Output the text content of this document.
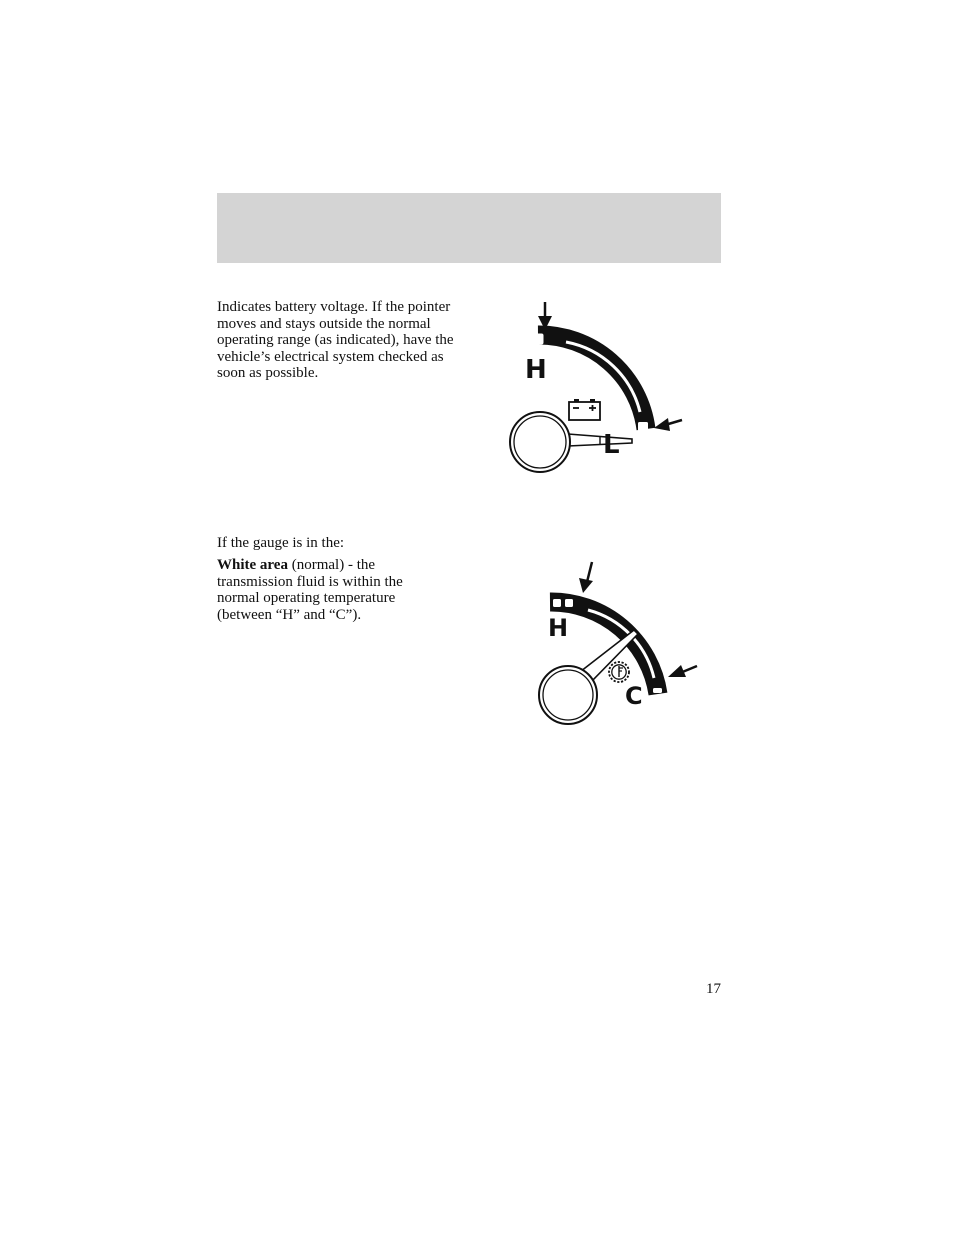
Indicates battery voltage. If the pointer moves and stays outside the normal operating range (as indicated), have the vehicle’s electrical system checked as soon as possible.	H
L

If the gauge is in the:

White area (normal) - the transmission fluid is within the normal operating temperature (between “H” and “C”).	H
C
17
